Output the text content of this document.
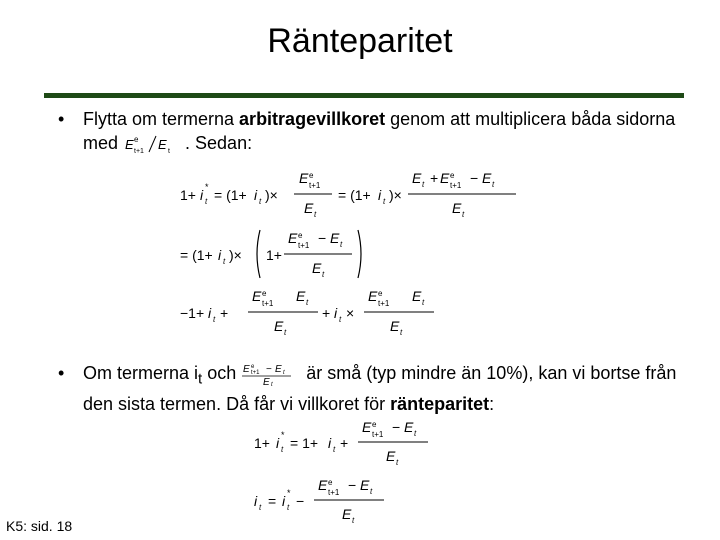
Ränteparitet
• Flytta om termerna arbitragevillkoret genom att multiplicera båda sidorna med E e
t+1 E t . Sedan:
1+ i *
t = (1+ i t )×
E e
t+1
E t
= (1+ i t )×
E t + E e
t+1 − E t
E t
= (1+ i t )× 1+
E e
t+1 − E t
E t
−1+ i t +
E e
t+1 E t
E t
+ i t ×
E e
t+1 E t
E t
• Om termerna $i_t$ och E e
t+1 − E t
E t
är små (typ mindre än 10%), kan vi bortse från den sista termen. Då får vi villkoret för ränteparitet:
1+ i *
t = 1+ i t +
E e
t+1 − E t
E t
i t = i *
t −
E e
t+1 − E t
E t
K5: sid. 18
